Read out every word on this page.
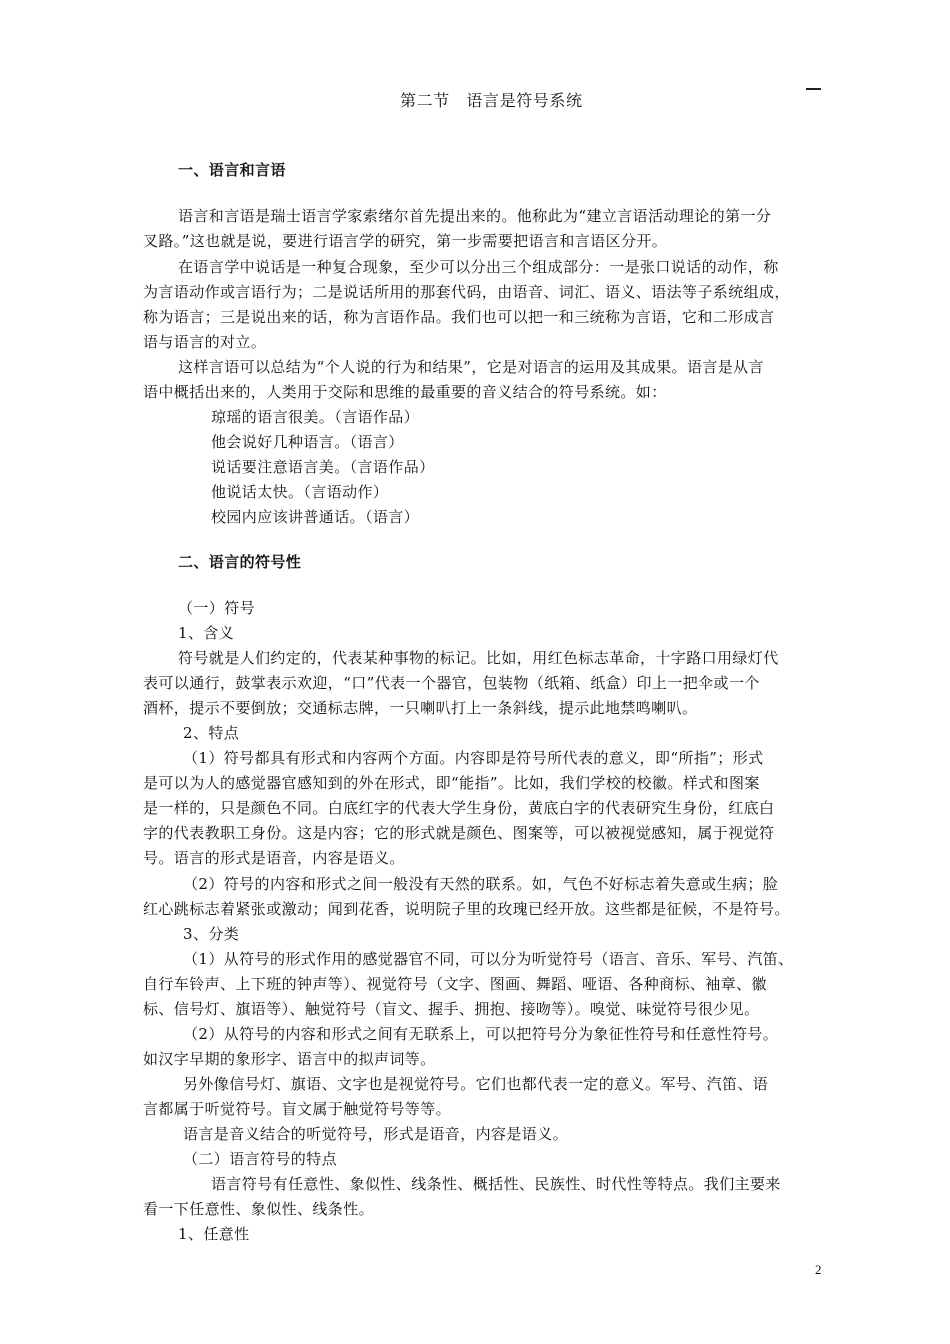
第二节　语言是符号系统
一、语言和言语
语言和言语是瑞士语言学家索绪尔首先提出来的。他称此为“建立言语活动理论的第一分
叉路。”这也就是说，要进行语言学的研究，第一步需要把语言和言语区分开。
在语言学中说话是一种复合现象，至少可以分出三个组成部分：一是张口说话的动作，称
为言语动作或言语行为；二是说话所用的那套代码，由语音、词汇、语义、语法等子系统组成，
称为语言；三是说出来的话，称为言语作品。我们也可以把一和三统称为言语，它和二形成言
语与语言的对立。
这样言语可以总结为“个人说的行为和结果”，它是对语言的运用及其成果。语言是从言
语中概括出来的，人类用于交际和思维的最重要的音义结合的符号系统。如：
琼瑶的语言很美。（言语作品）
他会说好几种语言。（语言）
说话要注意语言美。（言语作品）
他说话太快。（言语动作）
校园内应该讲普通话。（语言）
二、语言的符号性
（一）符号
1、含义
符号就是人们约定的，代表某种事物的标记。比如，用红色标志革命，十字路口用绿灯代
表可以通行，鼓掌表示欢迎，“口”代表一个器官，包装物（纸箱、纸盒）印上一把伞或一个
酒杯，提示不要倒放；交通标志牌，一只喇叭打上一条斜线，提示此地禁鸣喇叭。
2、特点
（1）符号都具有形式和内容两个方面。内容即是符号所代表的意义，即“所指”；形式
是可以为人的感觉器官感知到的外在形式，即“能指”。比如，我们学校的校徽。样式和图案
是一样的，只是颜色不同。白底红字的代表大学生身份，黄底白字的代表研究生身份，红底白
字的代表教职工身份。这是内容；它的形式就是颜色、图案等，可以被视觉感知，属于视觉符
号。语言的形式是语音，内容是语义。
（2）符号的内容和形式之间一般没有天然的联系。如，气色不好标志着失意或生病；脸
红心跳标志着紧张或激动；闻到花香，说明院子里的玫瑰已经开放。这些都是征候，不是符号。
3、分类
（1）从符号的形式作用的感觉器官不同，可以分为听觉符号（语言、音乐、军号、汽笛、
自行车铃声、上下班的钟声等）、视觉符号（文字、图画、舞蹈、哑语、各种商标、袖章、徽
标、信号灯、旗语等）、触觉符号（盲文、握手、拥抱、接吻等）。嗅觉、味觉符号很少见。
（2）从符号的内容和形式之间有无联系上，可以把符号分为象征性符号和任意性符号。
如汉字早期的象形字、语言中的拟声词等。
另外像信号灯、旗语、文字也是视觉符号。它们也都代表一定的意义。军号、汽笛、语
言都属于听觉符号。盲文属于触觉符号等等。
语言是音义结合的听觉符号，形式是语音，内容是语义。
（二）语言符号的特点
语言符号有任意性、象似性、线条性、概括性、民族性、时代性等特点。我们主要来
看一下任意性、象似性、线条性。
1、任意性
2
